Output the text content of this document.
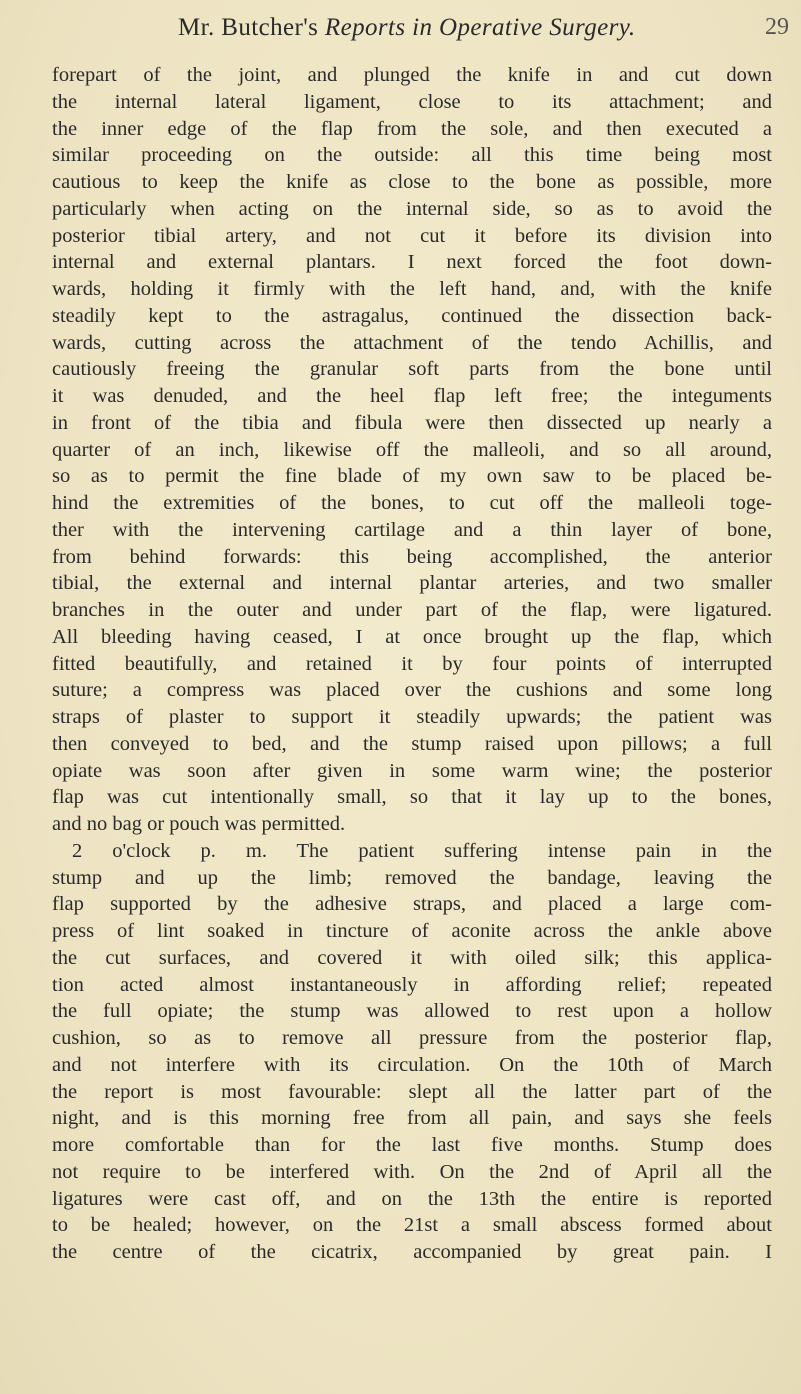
Mr. Butcher's Reports in Operative Surgery.	29
forepart of the joint, and plunged the knife in and cut down
the internal lateral ligament, close to its attachment; and
the inner edge of the flap from the sole, and then executed a
similar proceeding on the outside: all this time being most
cautious to keep the knife as close to the bone as possible, more
particularly when acting on the internal side, so as to avoid the
posterior tibial artery, and not cut it before its division into
internal and external plantars. I next forced the foot down-
wards, holding it firmly with the left hand, and, with the knife
steadily kept to the astragalus, continued the dissection back-
wards, cutting across the attachment of the tendo Achillis, and
cautiously freeing the granular soft parts from the bone until
it was denuded, and the heel flap left free; the integuments
in front of the tibia and fibula were then dissected up nearly a
quarter of an inch, likewise off the malleoli, and so all around,
so as to permit the fine blade of my own saw to be placed be-
hind the extremities of the bones, to cut off the malleoli toge-
ther with the intervening cartilage and a thin layer of bone,
from behind forwards: this being accomplished, the anterior
tibial, the external and internal plantar arteries, and two smaller
branches in the outer and under part of the flap, were ligatured.
All bleeding having ceased, I at once brought up the flap, which
fitted beautifully, and retained it by four points of interrupted
suture; a compress was placed over the cushions and some long
straps of plaster to support it steadily upwards; the patient was
then conveyed to bed, and the stump raised upon pillows; a full
opiate was soon after given in some warm wine; the posterior
flap was cut intentionally small, so that it lay up to the bones,
and no bag or pouch was permitted.
2 o'clock p. m. The patient suffering intense pain in the
stump and up the limb; removed the bandage, leaving the
flap supported by the adhesive straps, and placed a large com-
press of lint soaked in tincture of aconite across the ankle above
the cut surfaces, and covered it with oiled silk; this applica-
tion acted almost instantaneously in affording relief; repeated
the full opiate; the stump was allowed to rest upon a hollow
cushion, so as to remove all pressure from the posterior flap,
and not interfere with its circulation. On the 10th of March
the report is most favourable: slept all the latter part of the
night, and is this morning free from all pain, and says she feels
more comfortable than for the last five months. Stump does
not require to be interfered with. On the 2nd of April all the
ligatures were cast off, and on the 13th the entire is reported
to be healed; however, on the 21st a small abscess formed about
the centre of the cicatrix, accompanied by great pain. I
